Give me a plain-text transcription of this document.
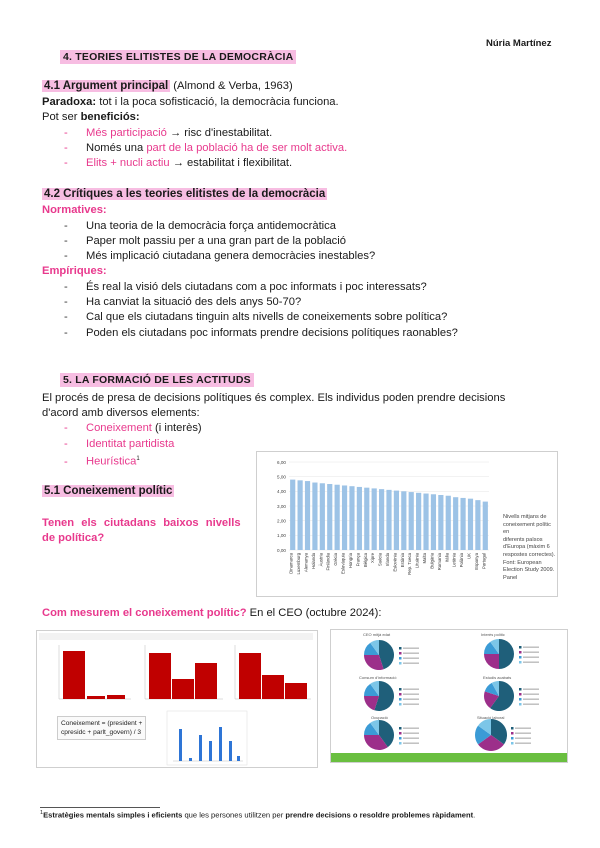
Núria Martínez
4. TEORIES ELITISTES DE LA DEMOCRÀCIA
4.1 Argument principal (Almond & Verba, 1963)
Paradoxa: tot i la poca sofisticació, la democràcia funciona.
Pot ser beneficiós:
- Més participació → risc d'inestabilitat.
- Només una part de la població ha de ser molt activa.
- Elits + nucli actiu → estabilitat i flexibilitat.
4.2 Crítiques a les teories elitistes de la democràcia
Normatives:
- Una teoria de la democràcia força antidemocràtica
- Paper molt passiu per a una gran part de la població
- Més implicació ciutadana genera democràcies inestables?
Empíriques:
- És real la visió dels ciutadans com a poc informats i poc interessats?
- Ha canviat la situació des dels anys 50-70?
- Cal que els ciutadans tinguin alts nivells de coneixements sobre política?
- Poden els ciutadans poc informats prendre decisions polítiques raonables?
5. LA FORMACIÓ DE LES ACTITUDS
El procés de presa de decisions polítiques és complex. Els individus poden prendre decisions
d'acord amb diversos elements:
- Coneixement (i interès)
- Identitat partidista
- Heurística$^1$
5.1 Coneixement polític
Tenen els ciutadans baixos nivells
de política?
0,00
1,00
2,00
3,00
4,00
5,00
6,00
Dinamarca Luxemburg Alemanya Holanda Àustria Finlàndia Grècia Eslovàquia Hongria França Bèlgica Xipre Suècia Irlanda Eslovènia Estònia Rep. Txeca Lituània Malta Bulgària Romania Itàlia Letònia Polònia UK Espanya Portugal
Nivells mitjans de
coneixement polític en
diferents països
d'Europa (màxim 6
respostes correctes).
Font: European
Election Study 2009.
Panel
Com mesurem el coneixement polític? En el CEO (octubre 2024):
Coneixement = (president +
cpresidc + parlt_govern) / 3
CEO mitjà edat	Interès polític
Consum d'informació	Estudis acabats
Ocupació	Situació laboral
$^1$Estratègies mentals simples i eficients que les persones utilitzen per prendre decisions o resoldre problemes ràpidament.
